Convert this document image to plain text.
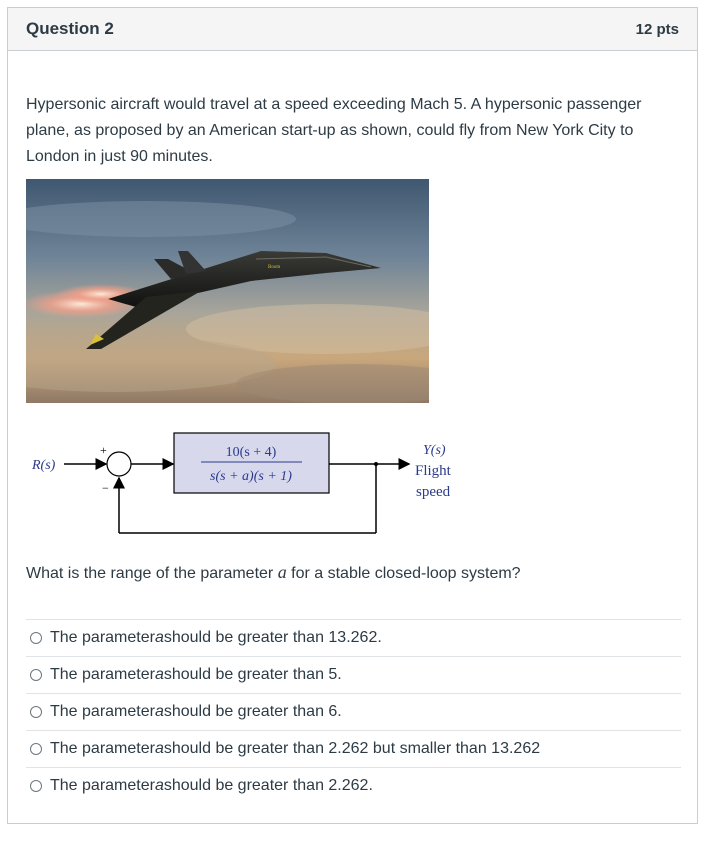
Question 2	12 pts

Hypersonic aircraft would travel at a speed exceeding Mach 5. A hypersonic passenger plane, as proposed by an American start-up as shown, could fly from New York City to London in just 90 minutes.

Boom
R(s)
+
−
10(s + 4)
s(s + a)(s + 1)
Y(s)
Flight
speed

What is the range of the parameter a for a stable closed-loop system?

The parameter a should be greater than 13.262.
The parameter a should be greater than 5.
The parameter a should be greater than 6.
The parameter a should be greater than 2.262 but smaller than 13.262
The parameter a should be greater than 2.262.
